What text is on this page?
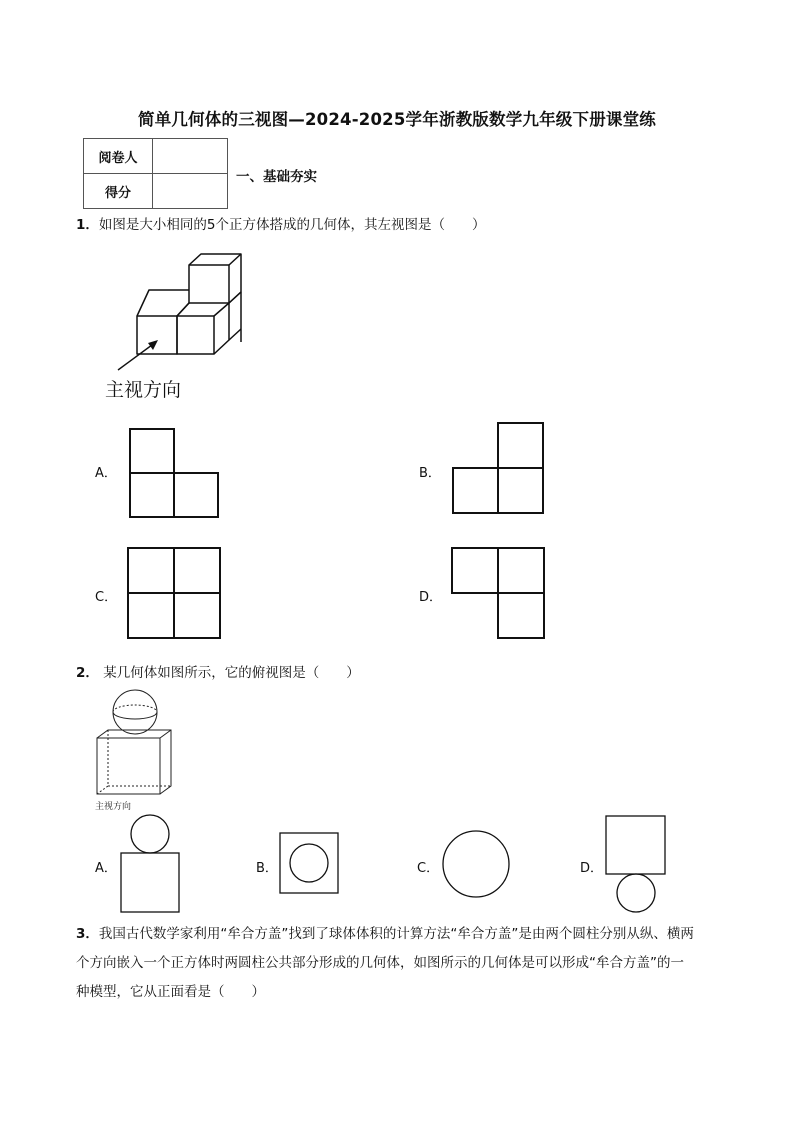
简单几何体的三视图—2024-2025学年浙教版数学九年级下册课堂练
阅卷人	
得分	
一、基础夯实
1．如图是大小相同的5个正方体搭成的几何体，其左视图是（　　）
主视方向
A．	B．
C．	D．
2． 某几何体如图所示，它的俯视图是（　　）
主视方向
A．	B．	C．	D．
3．我国古代数学家利用“牟合方盖”找到了球体体积的计算方法“牟合方盖”是由两个圆柱分别从纵、横两
个方向嵌入一个正方体时两圆柱公共部分形成的几何体，如图所示的几何体是可以形成“牟合方盖”的一
种模型，它从正面看是（　　）
